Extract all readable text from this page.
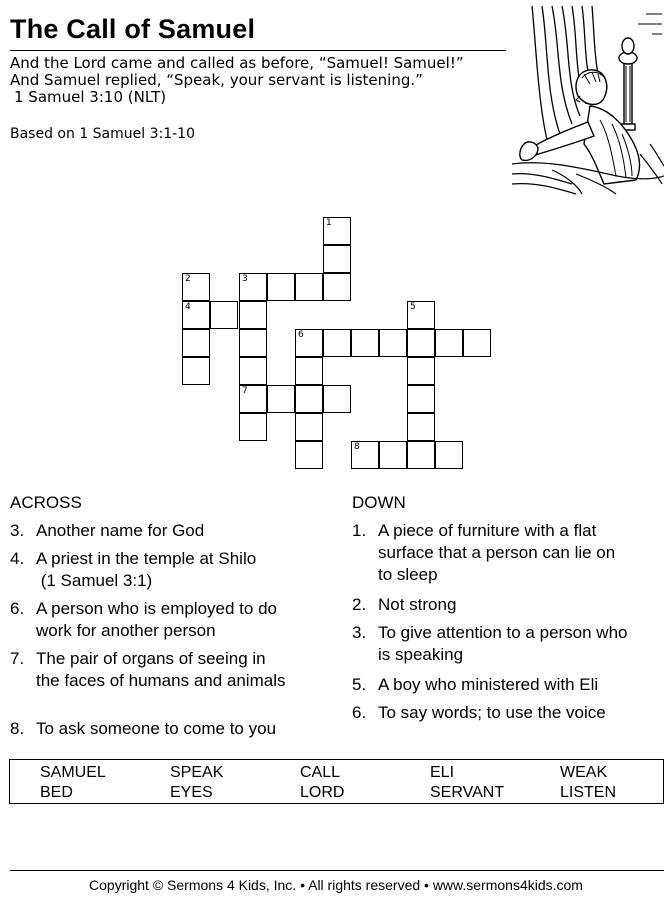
The Call of Samuel
And the Lord came and called as before, “Samuel! Samuel!”
And Samuel replied, “Speak, your servant is listening.”
1 Samuel 3:10 (NLT)
Based on 1 Samuel 3:1-10
1
2	3
4	5
7
6
8
ACROSS
3. Another name for God
4. A priest in the temple at Shilo
(1 Samuel 3:1)
6. A person who is employed to do
work for another person
7. The pair of organs of seeing in
the faces of humans and animals
8. To ask someone to come to you
DOWN
1. A piece of furniture with a flat
surface that a person can lie on
to sleep
2. Not strong
3. To give attention to a person who
is speaking
5. A boy who ministered with Eli
6. To say words; to use the voice
SAMUEL	SPEAK	CALL	ELI	WEAK
BED	EYES	LORD	SERVANT	LISTEN
Copyright © Sermons 4 Kids, Inc. • All rights reserved • www.sermons4kids.com
